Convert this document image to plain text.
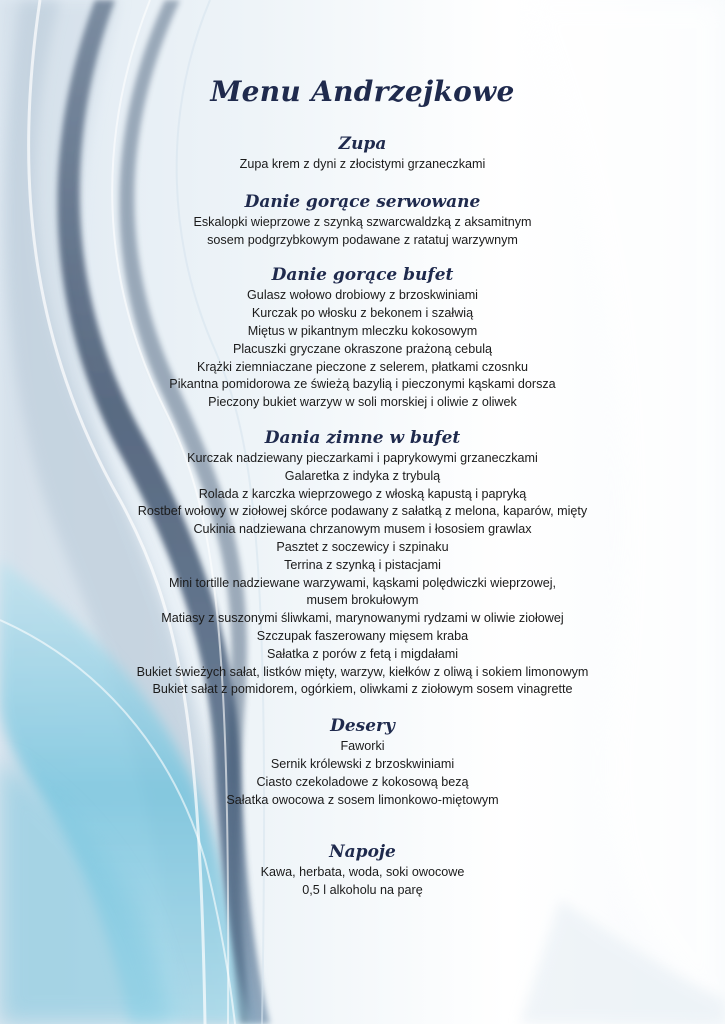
Menu Andrzejkowe
Zupa
Zupa krem z dyni z złocistymi grzaneczkami
Danie gorące serwowane
Eskalopki wieprzowe z szynką szwarcwaldzką z aksamitnym
sosem podgrzybkowym podawane z ratatuj warzywnym
Danie gorące bufet
Gulasz wołowo drobiowy z brzoskwiniami
Kurczak po włosku z bekonem i szałwią
Miętus w pikantnym mleczku kokosowym
Placuszki gryczane okraszone prażoną cebulą
Krążki ziemniaczane pieczone z selerem, płatkami czosnku
Pikantna pomidorowa ze świeżą bazylią i pieczonymi kąskami dorsza
Pieczony bukiet warzyw w soli morskiej i oliwie z oliwek
Dania zimne w bufet
Kurczak nadziewany pieczarkami i paprykowymi grzaneczkami
Galaretka z indyka z trybulą
Rolada z karczka wieprzowego z włoską kapustą i papryką
Rostbef wołowy w ziołowej skórce podawany z sałatką z melona, kaparów, mięty
Cukinia nadziewana chrzanowym musem i łososiem grawlax
Pasztet z soczewicy i szpinaku
Terrina z szynką i pistacjami
Mini tortille nadziewane warzywami, kąskami polędwiczki wieprzowej,
musem brokułowym
Matiasy z suszonymi śliwkami, marynowanymi rydzami w oliwie ziołowej
Szczupak faszerowany mięsem kraba
Sałatka z porów z fetą i migdałami
Bukiet świeżych sałat, listków mięty, warzyw, kiełków z oliwą i sokiem limonowym
Bukiet sałat z pomidorem, ogórkiem, oliwkami z ziołowym sosem vinagrette
Desery
Faworki
Sernik królewski z brzoskwiniami
Ciasto czekoladowe z kokosową bezą
Sałatka owocowa z sosem limonkowo-miętowym
Napoje
Kawa, herbata, woda, soki owocowe
0,5 l alkoholu na parę
